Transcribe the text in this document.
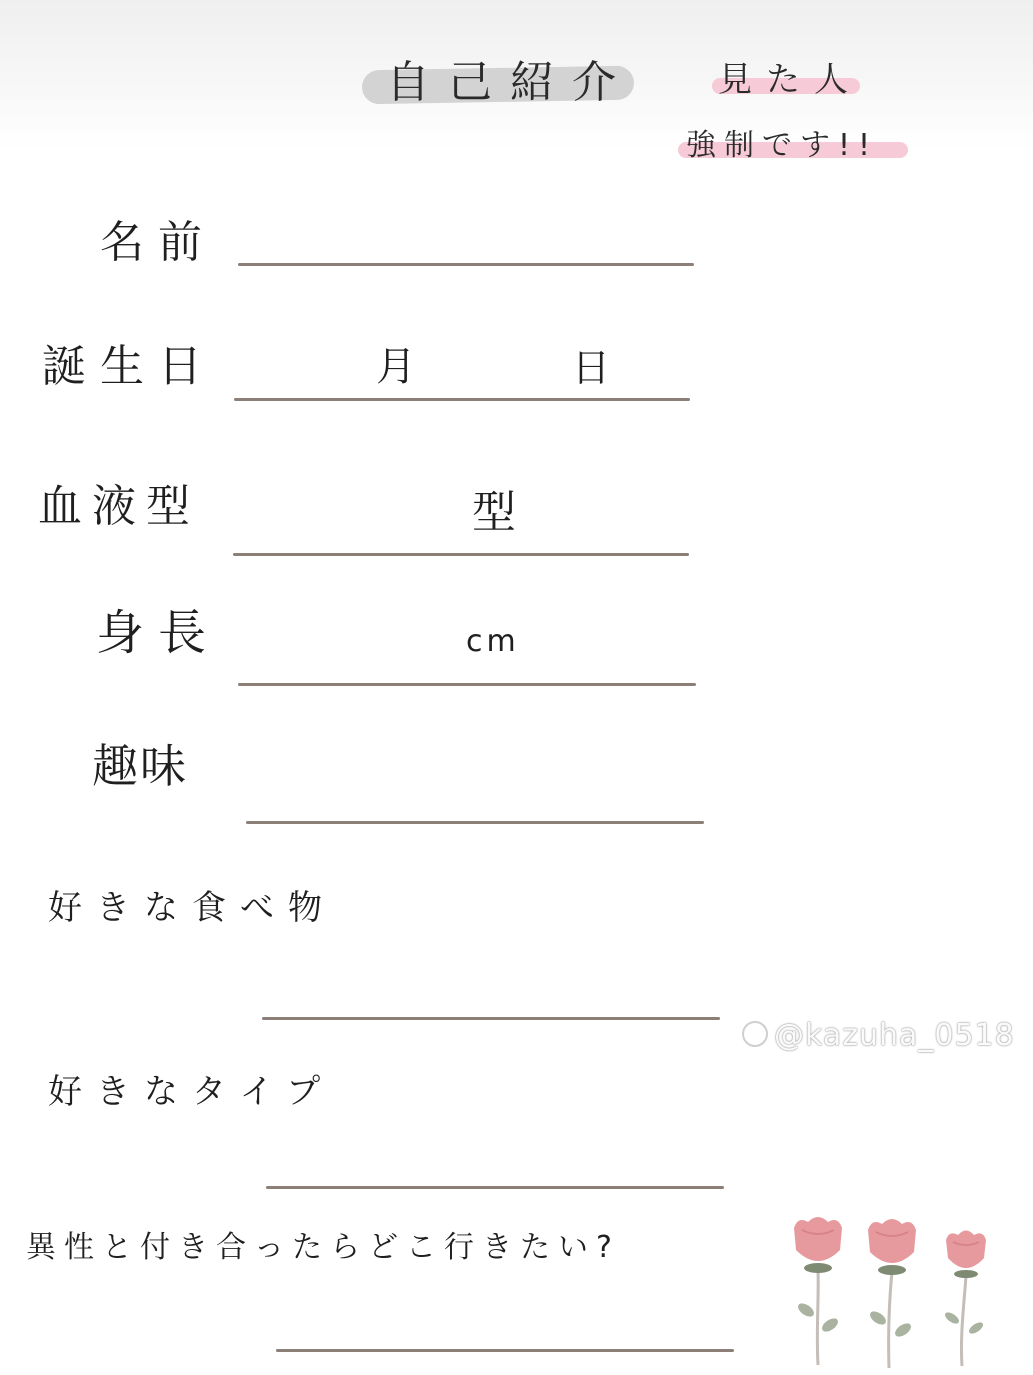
自己紹介 見た人
強制です!!
名前
誕生日	月	日
血液型	型
身長	cm
趣味
好きな食べ物
好きなタイプ
異性と付き合ったらどこ行きたい?
@kazuha_0518
